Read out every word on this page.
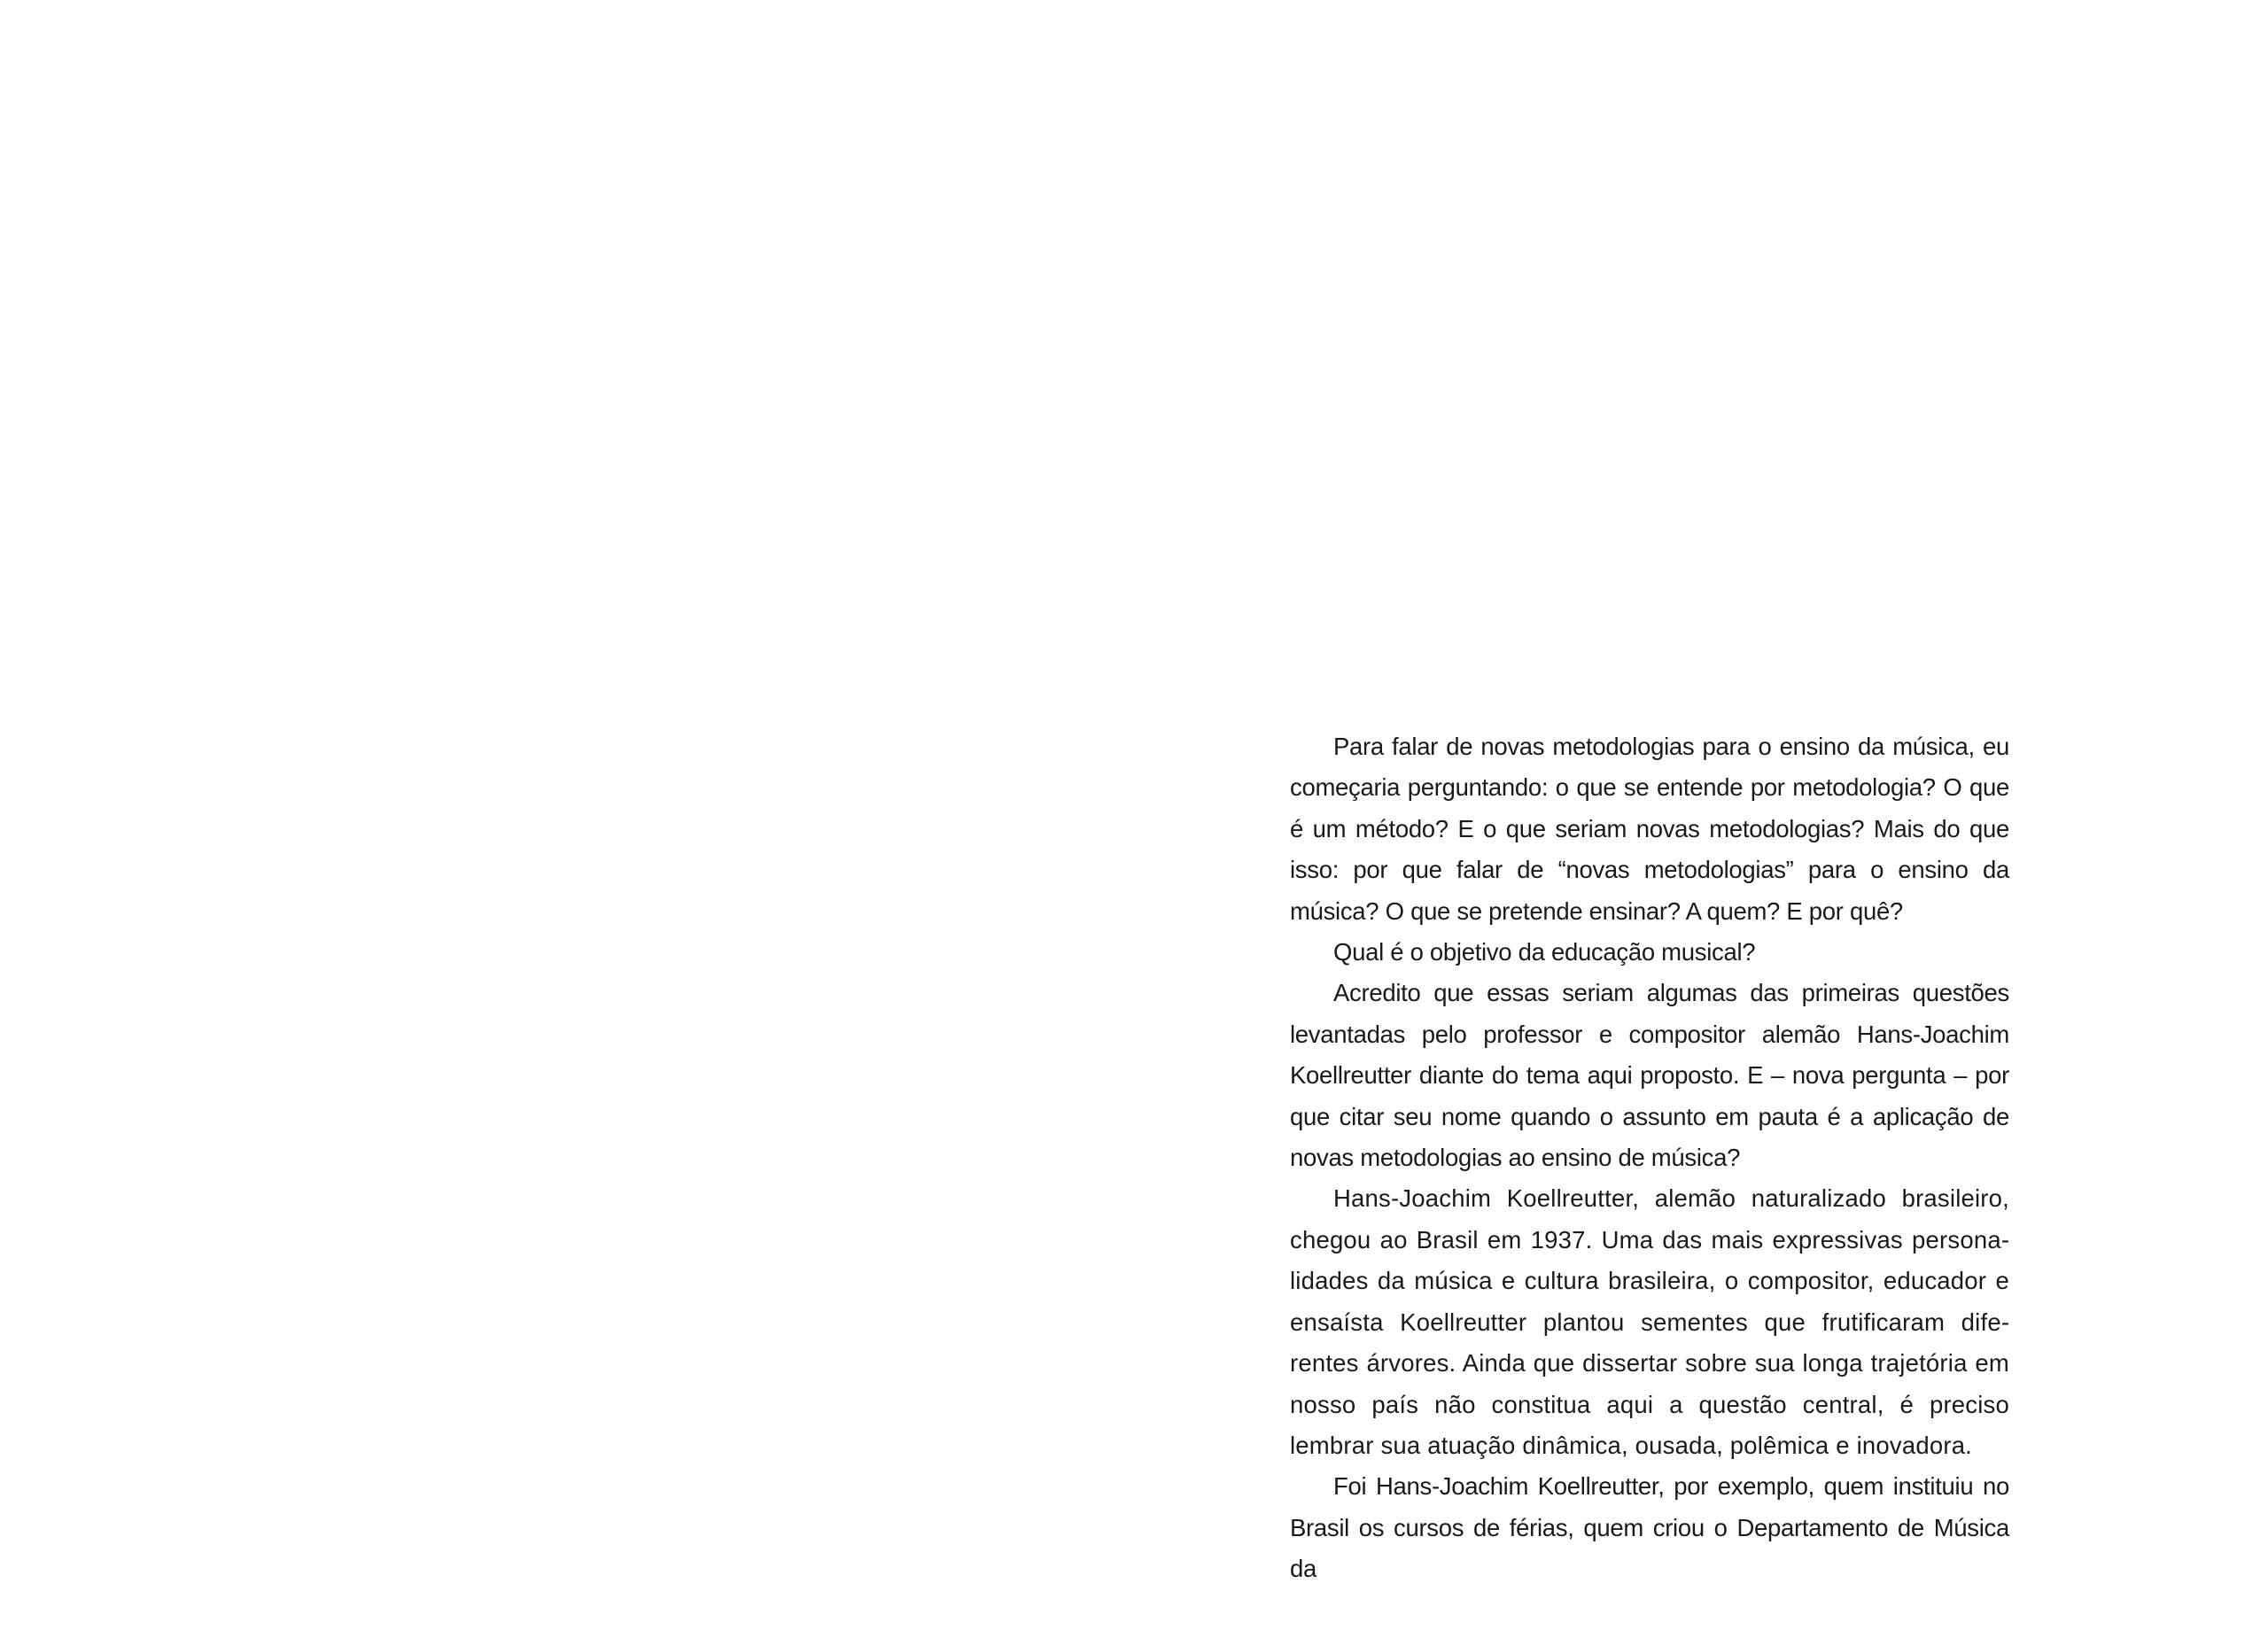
Para falar de novas metodologias para o ensino da música, eu começaria perguntando: o que se entende por metodologia? O que é um método? E o que seriam novas metodologias? Mais do que isso: por que falar de “novas metodologias” para o ensino da música? O que se pretende ensinar? A quem? E por quê?

Qual é o objetivo da educação musical?

Acredito que essas seriam algumas das primeiras questões levantadas pelo professor e compositor alemão Hans-Joachim Koellreutter diante do tema aqui proposto. E – nova pergunta – por que citar seu nome quando o assunto em pauta é a aplicação de novas metodologias ao ensino de música?

Hans-Joachim Koellreutter, alemão naturalizado brasileiro, chegou ao Brasil em 1937. Uma das mais expressivas personalidades da música e cultura brasileira, o compositor, educador e ensaísta Koellreutter plantou sementes que frutificaram diferentes árvores. Ainda que dissertar sobre sua longa trajetória em nosso país não constitua aqui a questão central, é preciso lembrar sua atuação dinâmica, ousada, polêmica e inovadora.

Foi Hans-Joachim Koellreutter, por exemplo, quem instituiu no Brasil os cursos de férias, quem criou o Departamento de Música da
